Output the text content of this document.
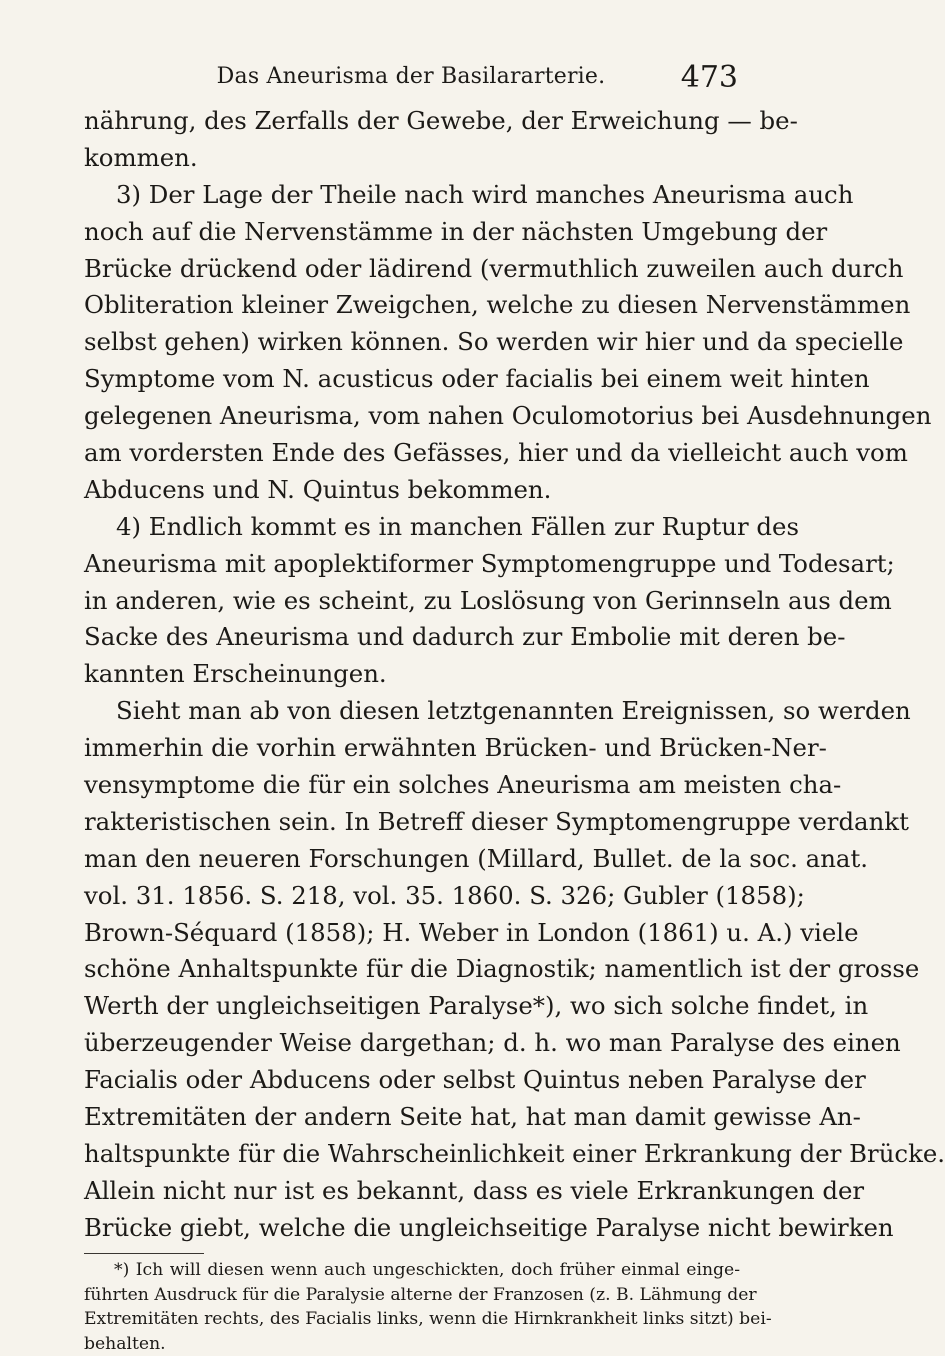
Das Aneurisma der Basilararterie.	473
nährung, des Zerfalls der Gewebe, der Erweichung — be-
kommen.
3) Der Lage der Theile nach wird manches Aneurisma auch
noch auf die Nervenstämme in der nächsten Umgebung der
Brücke drückend oder lädirend (vermuthlich zuweilen auch durch
Obliteration kleiner Zweigchen, welche zu diesen Nervenstämmen
selbst gehen) wirken können. So werden wir hier und da specielle
Symptome vom N. acusticus oder facialis bei einem weit hinten
gelegenen Aneurisma, vom nahen Oculomotorius bei Ausdehnungen
am vordersten Ende des Gefässes, hier und da vielleicht auch vom
Abducens und N. Quintus bekommen.
4) Endlich kommt es in manchen Fällen zur Ruptur des
Aneurisma mit apoplektiformer Symptomengruppe und Todesart;
in anderen, wie es scheint, zu Loslösung von Gerinnseln aus dem
Sacke des Aneurisma und dadurch zur Embolie mit deren be-
kannten Erscheinungen.
Sieht man ab von diesen letztgenannten Ereignissen, so werden
immerhin die vorhin erwähnten Brücken- und Brücken-Ner-
vensymptome die für ein solches Aneurisma am meisten cha-
rakteristischen sein. In Betreff dieser Symptomengruppe verdankt
man den neueren Forschungen (Millard, Bullet. de la soc. anat.
vol. 31. 1856. S. 218, vol. 35. 1860. S. 326; Gubler (1858);
Brown-Séquard (1858); H. Weber in London (1861) u. A.) viele
schöne Anhaltspunkte für die Diagnostik; namentlich ist der grosse
Werth der ungleichseitigen Paralyse*), wo sich solche findet, in
überzeugender Weise dargethan; d. h. wo man Paralyse des einen
Facialis oder Abducens oder selbst Quintus neben Paralyse der
Extremitäten der andern Seite hat, hat man damit gewisse An-
haltspunkte für die Wahrscheinlichkeit einer Erkrankung der Brücke.
Allein nicht nur ist es bekannt, dass es viele Erkrankungen der
Brücke giebt, welche die ungleichseitige Paralyse nicht bewirken
*) Ich will diesen wenn auch ungeschickten, doch früher einmal einge-
führten Ausdruck für die Paralysie alterne der Franzosen (z. B. Lähmung der
Extremitäten rechts, des Facialis links, wenn die Hirnkrankheit links sitzt) bei-
behalten.
